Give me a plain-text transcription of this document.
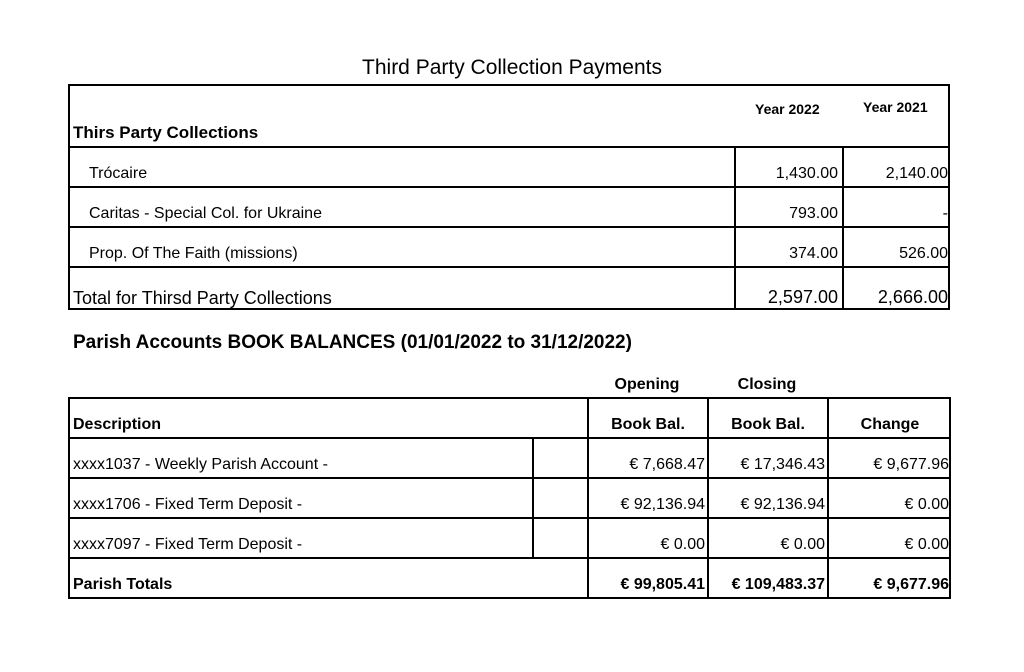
Third Party Collection Payments
Year 2022	Year 2021
Thirs Party Collections
Trócaire	1,430.00	2,140.00
Caritas - Special Col. for Ukraine	793.00	-
Prop. Of The Faith (missions)	374.00	526.00
Total for Thirsd Party Collections	2,597.00	2,666.00
Parish Accounts BOOK BALANCES (01/01/2022 to 31/12/2022)
Opening	Closing
Description	Book Bal.	Book Bal.	Change
xxxx1037 - Weekly Parish Account -	€ 7,668.47	€ 17,346.43	€ 9,677.96
xxxx1706 - Fixed Term Deposit -	€ 92,136.94	€ 92,136.94	€ 0.00
xxxx7097 - Fixed Term Deposit -	€ 0.00	€ 0.00	€ 0.00
Parish Totals	€ 99,805.41	€ 109,483.37	€ 9,677.96
